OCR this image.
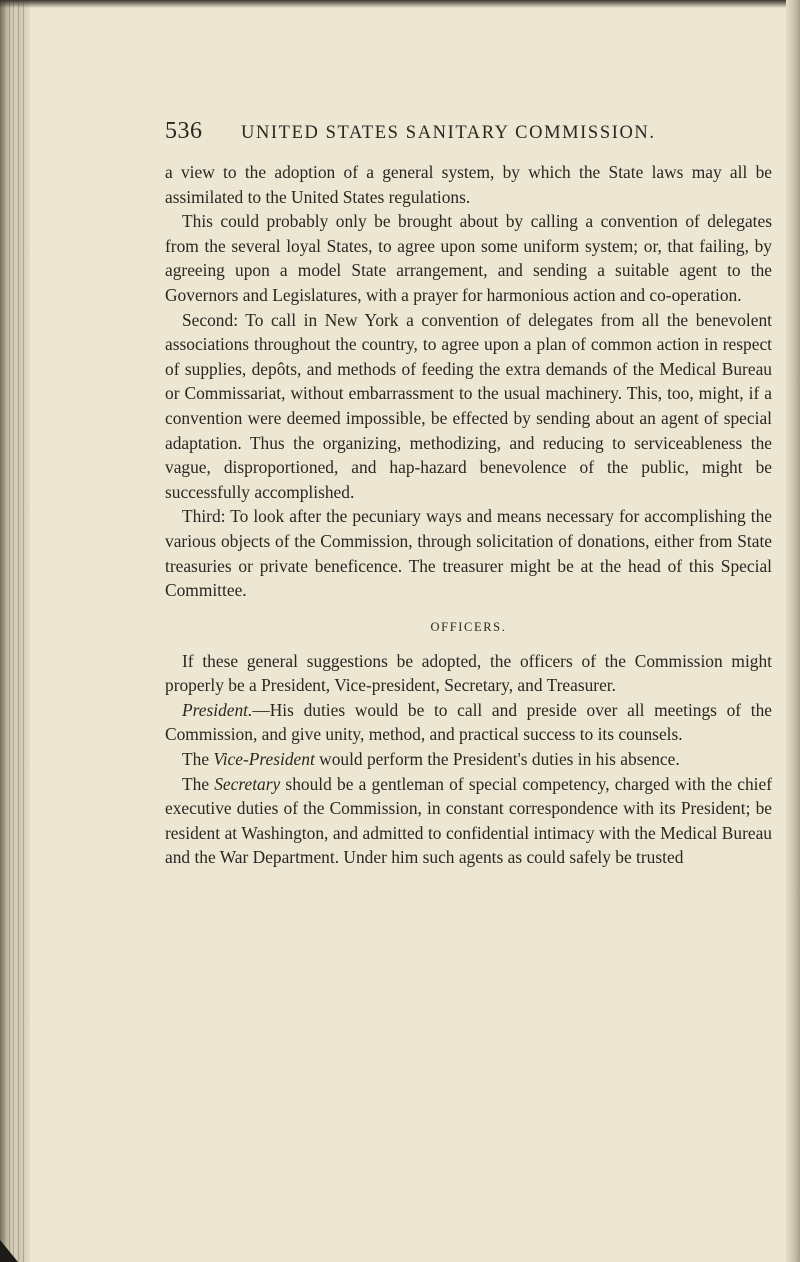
536	UNITED STATES SANITARY COMMISSION.

a view to the adoption of a general system, by which the State laws may all be assimilated to the United States regulations.

This could probably only be brought about by calling a convention of delegates from the several loyal States, to agree upon some uniform system; or, that failing, by agreeing upon a model State arrangement, and sending a suitable agent to the Governors and Legislatures, with a prayer for harmonious action and co-operation.

Second: To call in New York a convention of delegates from all the benevolent associations throughout the country, to agree upon a plan of common action in respect of supplies, depôts, and methods of feeding the extra demands of the Medical Bureau or Commissariat, without embarrassment to the usual machinery. This, too, might, if a convention were deemed impossible, be effected by sending about an agent of special adaptation. Thus the organizing, methodizing, and reducing to serviceableness the vague, disproportioned, and hap-hazard benevolence of the public, might be successfully accomplished.

Third: To look after the pecuniary ways and means necessary for accomplishing the various objects of the Commission, through solicitation of donations, either from State treasuries or private beneficence. The treasurer might be at the head of this Special Committee.

OFFICERS.

If these general suggestions be adopted, the officers of the Commission might properly be a President, Vice-president, Secretary, and Treasurer.

President.—His duties would be to call and preside over all meetings of the Commission, and give unity, method, and practical success to its counsels.

The Vice-President would perform the President's duties in his absence.

The Secretary should be a gentleman of special competency, charged with the chief executive duties of the Commission, in constant correspondence with its President; be resident at Washington, and admitted to confidential intimacy with the Medical Bureau and the War Department. Under him such agents as could safely be trusted
